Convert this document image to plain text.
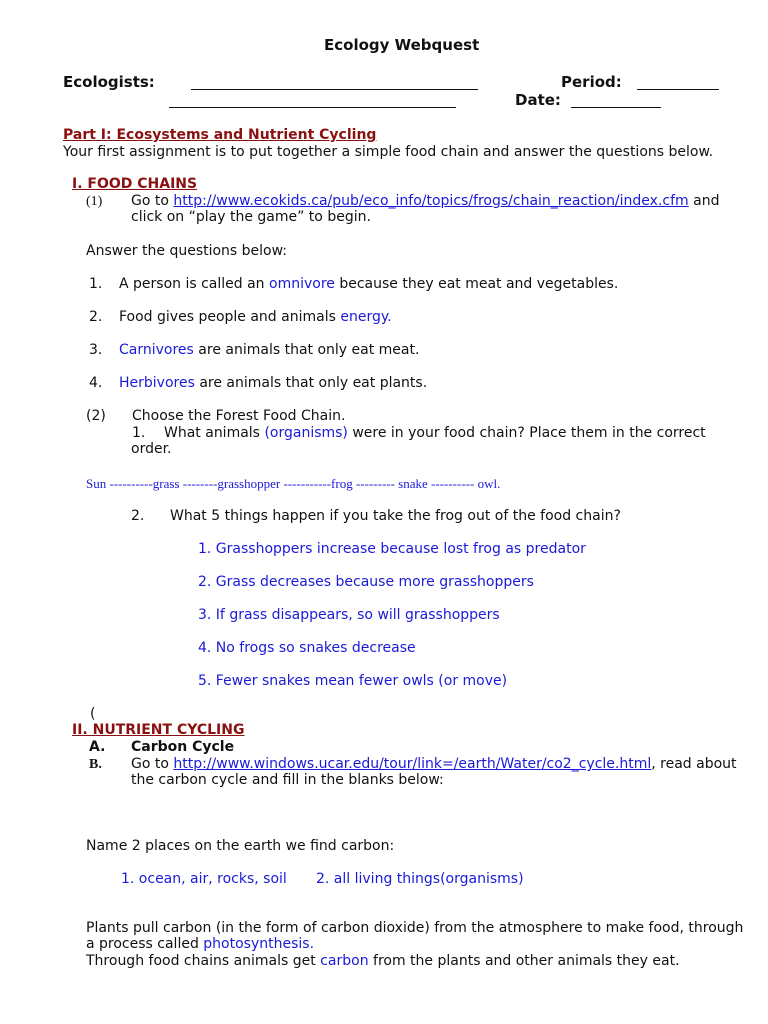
Ecology Webquest
Ecologists:	Period:
Date:
Part I: Ecosystems and Nutrient Cycling
Your first assignment is to put together a simple food chain and answer the questions below.
I. FOOD CHAINS
(1) Go to http://www.ecokids.ca/pub/eco_info/topics/frogs/chain_reaction/index.cfm and
click on “play the game” to begin.
Answer the questions below:
1. A person is called an omnivore because they eat meat and vegetables.
2. Food gives people and animals energy.
3. Carnivores are animals that only eat meat.
4. Herbivores are animals that only eat plants.
(2) Choose the Forest Food Chain.
1. What animals (organisms) were in your food chain? Place them in the correct
order.
Sun ----------grass --------grasshopper -----------frog --------- snake ---------- owl.
2. What 5 things happen if you take the frog out of the food chain?
1. Grasshoppers increase because lost frog as predator
2. Grass decreases because more grasshoppers
3. If grass disappears, so will grasshoppers
4. No frogs so snakes decrease
5. Fewer snakes mean fewer owls (or move)
(
II. NUTRIENT CYCLING
A. Carbon Cycle
B. Go to http://www.windows.ucar.edu/tour/link=/earth/Water/co2_cycle.html, read about
the carbon cycle and fill in the blanks below:
Name 2 places on the earth we find carbon:
1. ocean, air, rocks, soil 2. all living things(organisms)
Plants pull carbon (in the form of carbon dioxide) from the atmosphere to make food, through
a process called photosynthesis.
Through food chains animals get carbon from the plants and other animals they eat.
